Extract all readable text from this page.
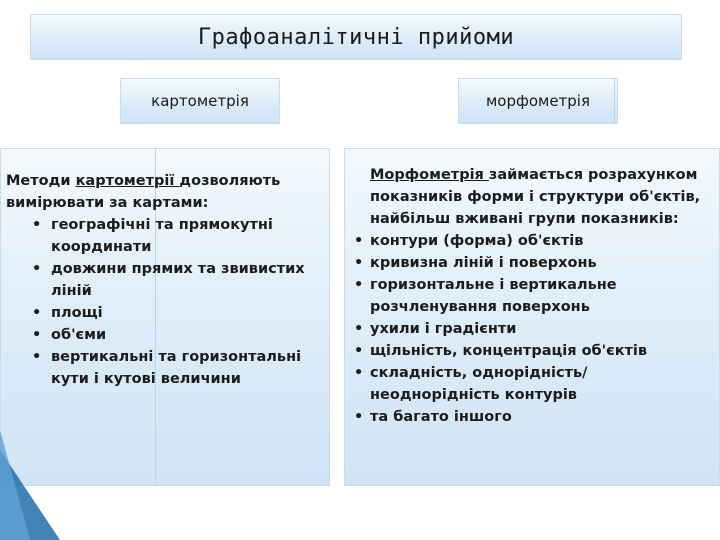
Графоаналітичні прийоми
картометрія	морфометрія
Методи картометрії дозволяють вимірювати за картами:
• географічні та прямокутні координати
• довжини прямих та звивистих ліній
• площі
• об'єми
• вертикальні та горизонтальні кути і кутові величини
Морфометрія займається розрахунком показників форми і структури об'єктів, найбільш вживані групи показників:
• контури (форма) об'єктів
• кривизна ліній і поверхонь
• горизонтальне і вертикальне розчленування поверхонь
• ухили і градієнти
• щільність, концентрація об'єктів
• складність, однорідність/ неоднорідність контурів
• та багато іншого
